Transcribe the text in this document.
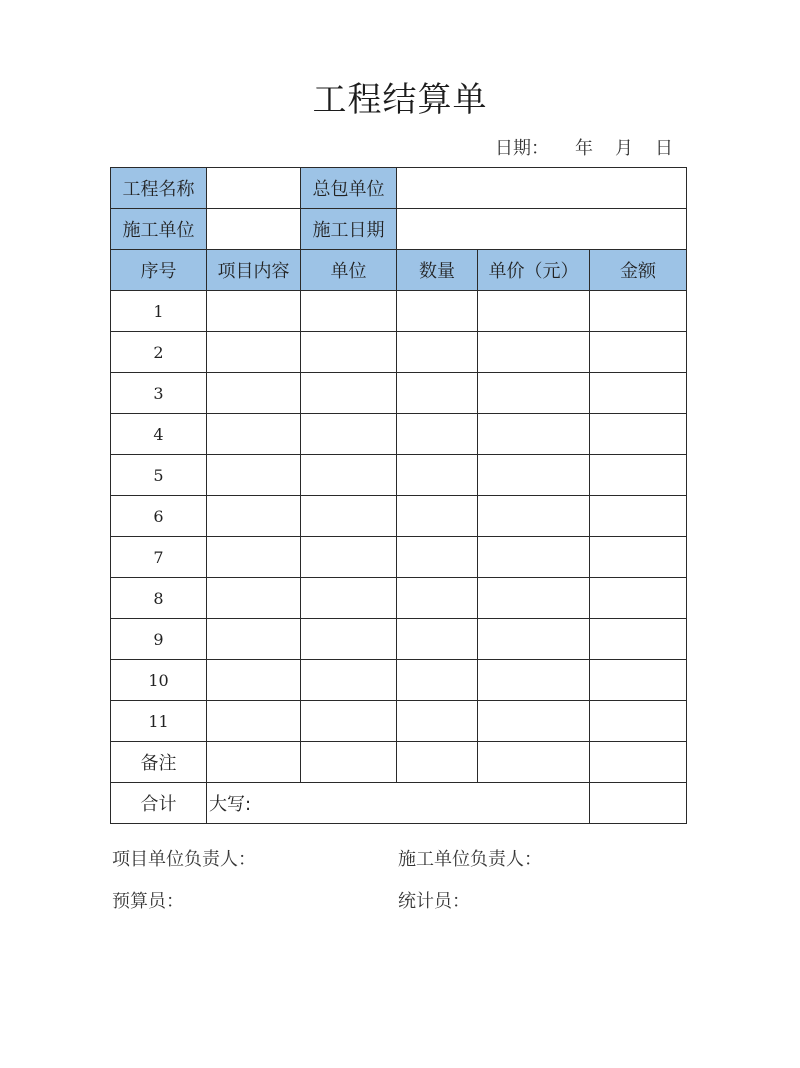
工程结算单
日期： 年 月 日
工程名称		总包单位			
施工单位		施工日期			
序号	项目内容	单位	数量	单价（元）	金额
1					
2					
3					
4					
5					
6					
7					
8					
9					
10					
11					
备注					
合计	大写:				
项目单位负责人：	施工单位负责人：
预算员：	统计员：
